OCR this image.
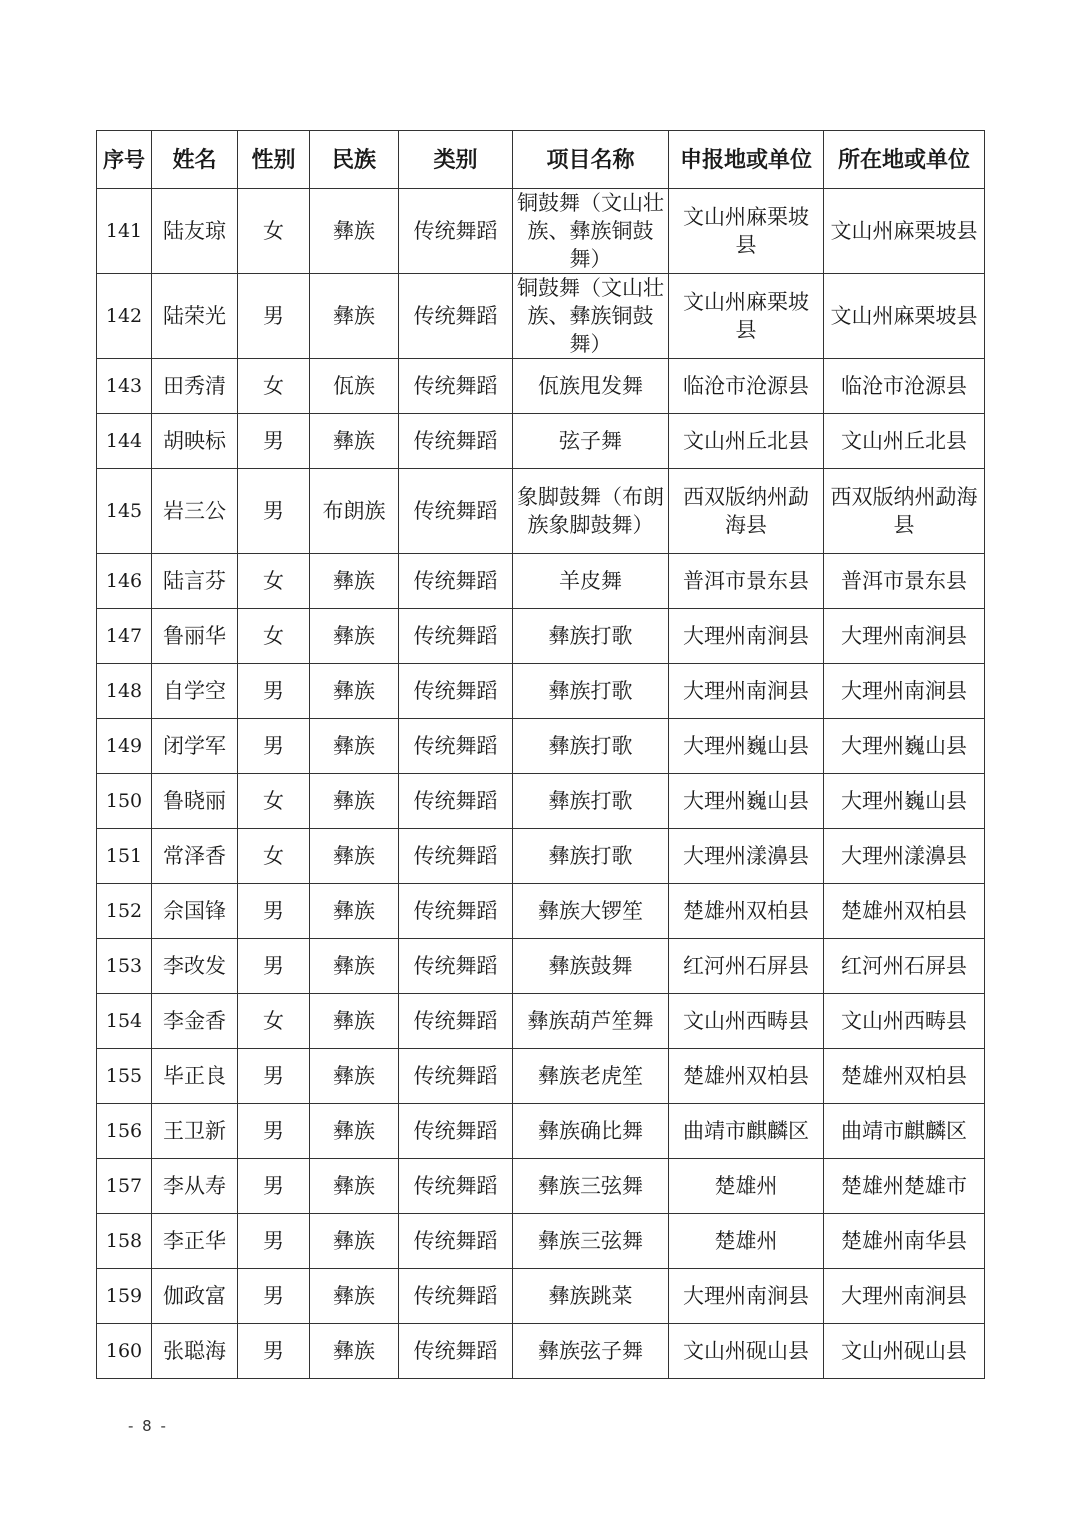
序号	姓名	性别	民族	类别	项目名称	申报地或单位	所在地或单位
141	陆友琼	女	彝族	传统舞蹈	铜鼓舞（文山壮族、彝族铜鼓舞）	文山州麻栗坡县	文山州麻栗坡县
142	陆荣光	男	彝族	传统舞蹈	铜鼓舞（文山壮族、彝族铜鼓舞）	文山州麻栗坡县	文山州麻栗坡县
143	田秀清	女	佤族	传统舞蹈	佤族甩发舞	临沧市沧源县	临沧市沧源县
144	胡映标	男	彝族	传统舞蹈	弦子舞	文山州丘北县	文山州丘北县
145	岩三公	男	布朗族	传统舞蹈	象脚鼓舞（布朗族象脚鼓舞）	西双版纳州勐海县	西双版纳州勐海县
146	陆言芬	女	彝族	传统舞蹈	羊皮舞	普洱市景东县	普洱市景东县
147	鲁丽华	女	彝族	传统舞蹈	彝族打歌	大理州南涧县	大理州南涧县
148	自学空	男	彝族	传统舞蹈	彝族打歌	大理州南涧县	大理州南涧县
149	闭学军	男	彝族	传统舞蹈	彝族打歌	大理州巍山县	大理州巍山县
150	鲁晓丽	女	彝族	传统舞蹈	彝族打歌	大理州巍山县	大理州巍山县
151	常泽香	女	彝族	传统舞蹈	彝族打歌	大理州漾濞县	大理州漾濞县
152	佘国锋	男	彝族	传统舞蹈	彝族大锣笙	楚雄州双柏县	楚雄州双柏县
153	李改发	男	彝族	传统舞蹈	彝族鼓舞	红河州石屏县	红河州石屏县
154	李金香	女	彝族	传统舞蹈	彝族葫芦笙舞	文山州西畴县	文山州西畴县
155	毕正良	男	彝族	传统舞蹈	彝族老虎笙	楚雄州双柏县	楚雄州双柏县
156	王卫新	男	彝族	传统舞蹈	彝族确比舞	曲靖市麒麟区	曲靖市麒麟区
157	李从寿	男	彝族	传统舞蹈	彝族三弦舞	楚雄州	楚雄州楚雄市
158	李正华	男	彝族	传统舞蹈	彝族三弦舞	楚雄州	楚雄州南华县
159	伽政富	男	彝族	传统舞蹈	彝族跳菜	大理州南涧县	大理州南涧县
160	张聪海	男	彝族	传统舞蹈	彝族弦子舞	文山州砚山县	文山州砚山县
- 8 -
